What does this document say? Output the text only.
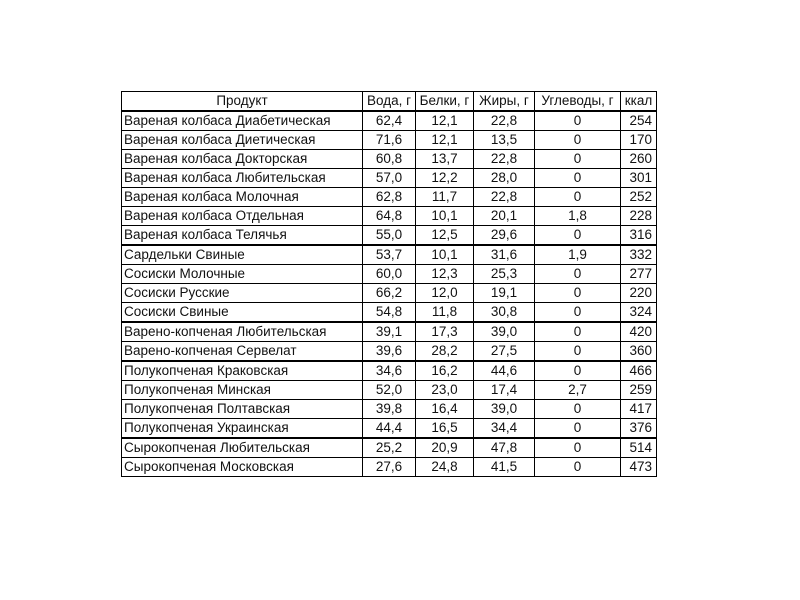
Продукт	Вода, г	Белки, г	Жиры, г	Углеводы, г	ккал
Вареная колбаса Диабетическая	62,4	12,1	22,8	0	254
Вареная колбаса Диетическая	71,6	12,1	13,5	0	170
Вареная колбаса Докторская	60,8	13,7	22,8	0	260
Вареная колбаса Любительская	57,0	12,2	28,0	0	301
Вареная колбаса Молочная	62,8	11,7	22,8	0	252
Вареная колбаса Отдельная	64,8	10,1	20,1	1,8	228
Вареная колбаса Телячья	55,0	12,5	29,6	0	316
Сардельки Свиные	53,7	10,1	31,6	1,9	332
Сосиски Молочные	60,0	12,3	25,3	0	277
Сосиски Русские	66,2	12,0	19,1	0	220
Сосиски Свиные	54,8	11,8	30,8	0	324
Варено-копченая Любительская	39,1	17,3	39,0	0	420
Варено-копченая Сервелат	39,6	28,2	27,5	0	360
Полукопченая Краковская	34,6	16,2	44,6	0	466
Полукопченая Минская	52,0	23,0	17,4	2,7	259
Полукопченая Полтавская	39,8	16,4	39,0	0	417
Полукопченая Украинская	44,4	16,5	34,4	0	376
Сырокопченая Любительская	25,2	20,9	47,8	0	514
Сырокопченая Московская	27,6	24,8	41,5	0	473
